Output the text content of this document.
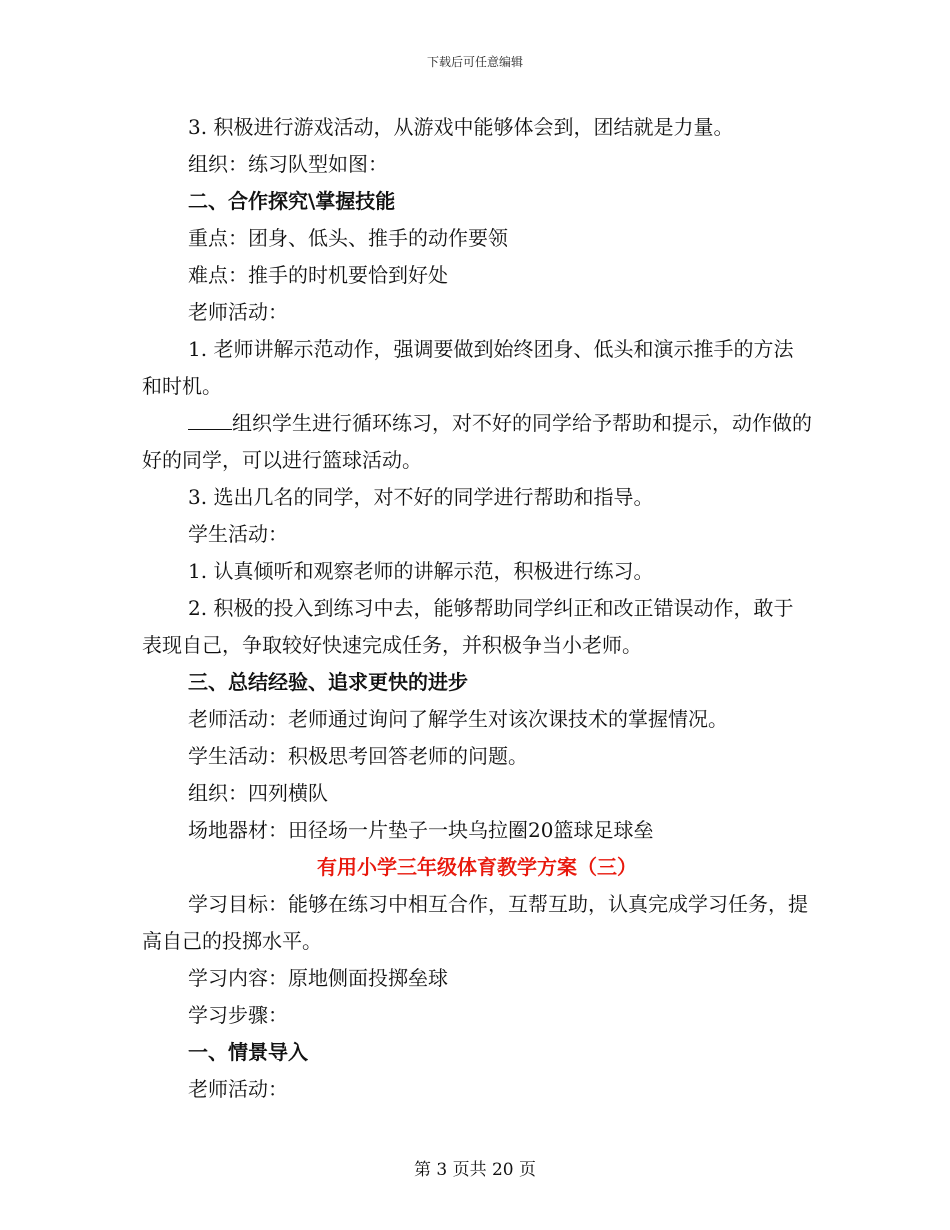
下载后可任意编辑

3. 积极进行游戏活动，从游戏中能够体会到，团结就是力量。

组织：练习队型如图：

二、合作探究\掌握技能

重点：团身、低头、推手的动作要领

难点：推手的时机要恰到好处

老师活动：

1. 老师讲解示范动作，强调要做到始终团身、低头和演示推手的方法和时机。

组织学生进行循环练习，对不好的同学给予帮助和提示，动作做的好的同学，可以进行篮球活动。

3. 选出几名的同学，对不好的同学进行帮助和指导。

学生活动：

1. 认真倾听和观察老师的讲解示范，积极进行练习。

2. 积极的投入到练习中去，能够帮助同学纠正和改正错误动作，敢于表现自己，争取较好快速完成任务，并积极争当小老师。

三、总结经验、追求更快的进步

老师活动：老师通过询问了解学生对该次课技术的掌握情况。

学生活动：积极思考回答老师的问题。

组织：四列横队

场地器材：田径场一片垫子一块乌拉圈20篮球足球垒

有用小学三年级体育教学方案（三）

学习目标：能够在练习中相互合作，互帮互助，认真完成学习任务，提高自己的投掷水平。

学习内容：原地侧面投掷垒球

学习步骤：

一、情景导入

老师活动：

第 3 页共 20 页
